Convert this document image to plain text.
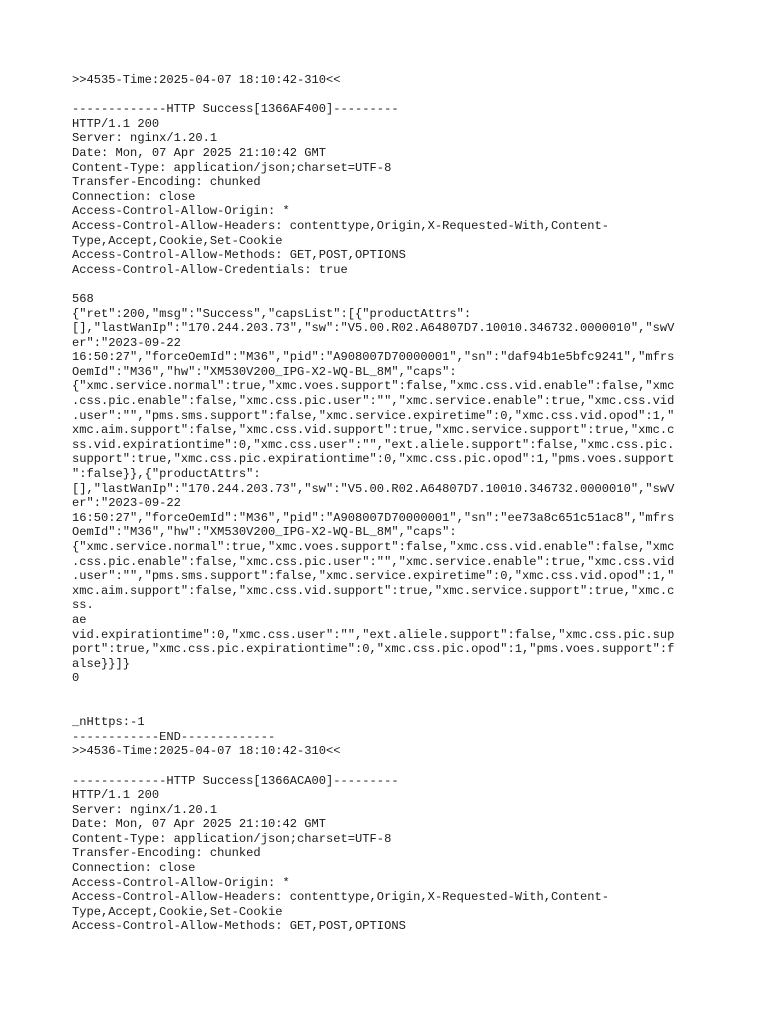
>>4535-Time:2025-04-07 18:10:42-310<<
-------------HTTP Success[1366AF400]---------
HTTP/1.1 200
Server: nginx/1.20.1
Date: Mon, 07 Apr 2025 21:10:42 GMT
Content-Type: application/json;charset=UTF-8
Transfer-Encoding: chunked
Connection: close
Access-Control-Allow-Origin: *
Access-Control-Allow-Headers: contenttype,Origin,X-Requested-With,Content-
Type,Accept,Cookie,Set-Cookie
Access-Control-Allow-Methods: GET,POST,OPTIONS
Access-Control-Allow-Credentials: true
568
{"ret":200,"msg":"Success","capsList":[{"productAttrs":
[],"lastWanIp":"170.244.203.73","sw":"V5.00.R02.A64807D7.10010.346732.0000010","swV
er":"2023-09-22
16:50:27","forceOemId":"M36","pid":"A908007D70000001","sn":"daf94b1e5bfc9241","mfrs
OemId":"M36","hw":"XM530V200_IPG-X2-WQ-BL_8M","caps":
{"xmc.service.normal":true,"xmc.voes.support":false,"xmc.css.vid.enable":false,"xmc
.css.pic.enable":false,"xmc.css.pic.user":"","xmc.service.enable":true,"xmc.css.vid
.user":"","pms.sms.support":false,"xmc.service.expiretime":0,"xmc.css.vid.opod":1,"
xmc.aim.support":false,"xmc.css.vid.support":true,"xmc.service.support":true,"xmc.c
ss.vid.expirationtime":0,"xmc.css.user":"","ext.aliele.support":false,"xmc.css.pic.
support":true,"xmc.css.pic.expirationtime":0,"xmc.css.pic.opod":1,"pms.voes.support
":false}},{"productAttrs":
[],"lastWanIp":"170.244.203.73","sw":"V5.00.R02.A64807D7.10010.346732.0000010","swV
er":"2023-09-22
16:50:27","forceOemId":"M36","pid":"A908007D70000001","sn":"ee73a8c651c51ac8","mfrs
OemId":"M36","hw":"XM530V200_IPG-X2-WQ-BL_8M","caps":
{"xmc.service.normal":true,"xmc.voes.support":false,"xmc.css.vid.enable":false,"xmc
.css.pic.enable":false,"xmc.css.pic.user":"","xmc.service.enable":true,"xmc.css.vid
.user":"","pms.sms.support":false,"xmc.service.expiretime":0,"xmc.css.vid.opod":1,"
xmc.aim.support":false,"xmc.css.vid.support":true,"xmc.service.support":true,"xmc.c
ss.
ae
vid.expirationtime":0,"xmc.css.user":"","ext.aliele.support":false,"xmc.css.pic.sup
port":true,"xmc.css.pic.expirationtime":0,"xmc.css.pic.opod":1,"pms.voes.support":f
alse}}]}
0
_nHttps:-1
------------END-------------
>>4536-Time:2025-04-07 18:10:42-310<<
-------------HTTP Success[1366ACA00]---------
HTTP/1.1 200
Server: nginx/1.20.1
Date: Mon, 07 Apr 2025 21:10:42 GMT
Content-Type: application/json;charset=UTF-8
Transfer-Encoding: chunked
Connection: close
Access-Control-Allow-Origin: *
Access-Control-Allow-Headers: contenttype,Origin,X-Requested-With,Content-
Type,Accept,Cookie,Set-Cookie
Access-Control-Allow-Methods: GET,POST,OPTIONS
